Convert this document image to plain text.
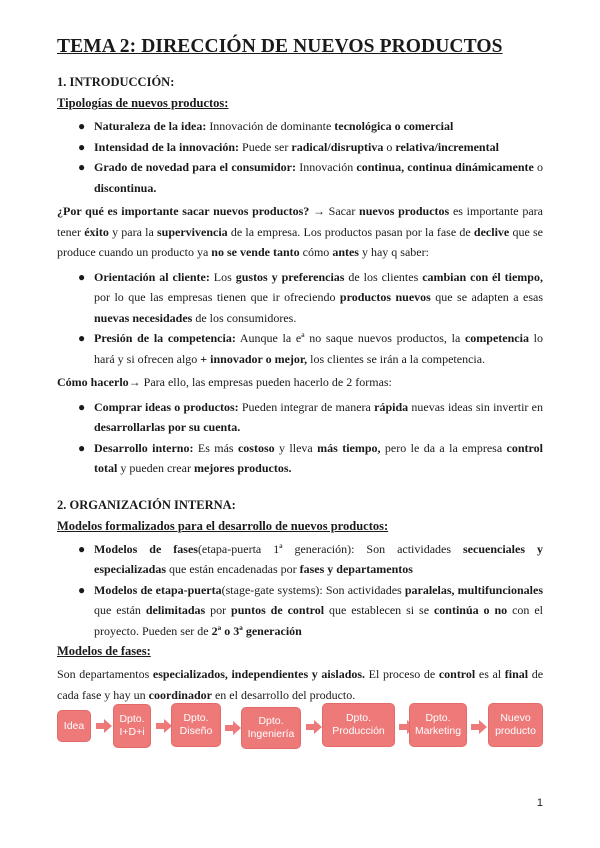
TEMA 2: DIRECCIÓN DE NUEVOS PRODUCTOS
1. INTRODUCCIÓN:
Tipologías de nuevos productos:
● Naturaleza de la idea: Innovación de dominante tecnológica o comercial
● Intensidad de la innovación: Puede ser radical/disruptiva o relativa/incremental
● Grado de novedad para el consumidor: Innovación continua, continua dinámicamente o discontinua.

¿Por qué es importante sacar nuevos productos? → Sacar nuevos productos es importante para tener éxito y para la supervivencia de la empresa. Los productos pasan por la fase de declive que se produce cuando un producto ya no se vende tanto cómo antes y hay q saber:

● Orientación al cliente: Los gustos y preferencias de los clientes cambian con él tiempo, por lo que las empresas tienen que ir ofreciendo productos nuevos que se adapten a esas nuevas necesidades de los consumidores.
● Presión de la competencia: Aunque la eª no saque nuevos productos, la competencia lo hará y si ofrecen algo + innovador o mejor, los clientes se irán a la competencia.

Cómo hacerlo→ Para ello, las empresas pueden hacerlo de 2 formas:

● Comprar ideas o productos: Pueden integrar de manera rápida nuevas ideas sin invertir en desarrollarlas por su cuenta.
● Desarrollo interno: Es más costoso y lleva más tiempo, pero le da a la empresa control total y pueden crear mejores productos.
2. ORGANIZACIÓN INTERNA:
Modelos formalizados para el desarrollo de nuevos productos:
● Modelos de fases(etapa-puerta 1ª generación): Son actividades secuenciales y especializadas que están encadenadas por fases y departamentos
● Modelos de etapa-puerta(stage-gate systems): Son actividades paralelas, multifuncionales que están delimitadas por puntos de control que establecen si se continúa o no con el proyecto. Pueden ser de 2ª o 3ª generación
Modelos de fases:

Son departamentos especializados, independientes y aislados. El proceso de control es al final de cada fase y hay un coordinador en el desarrollo del producto.

Idea
Dpto. I+D+i
Dpto. Diseño
Dpto. Ingeniería
Dpto. Producción
Dpto. Marketing
Nuevo producto
1
